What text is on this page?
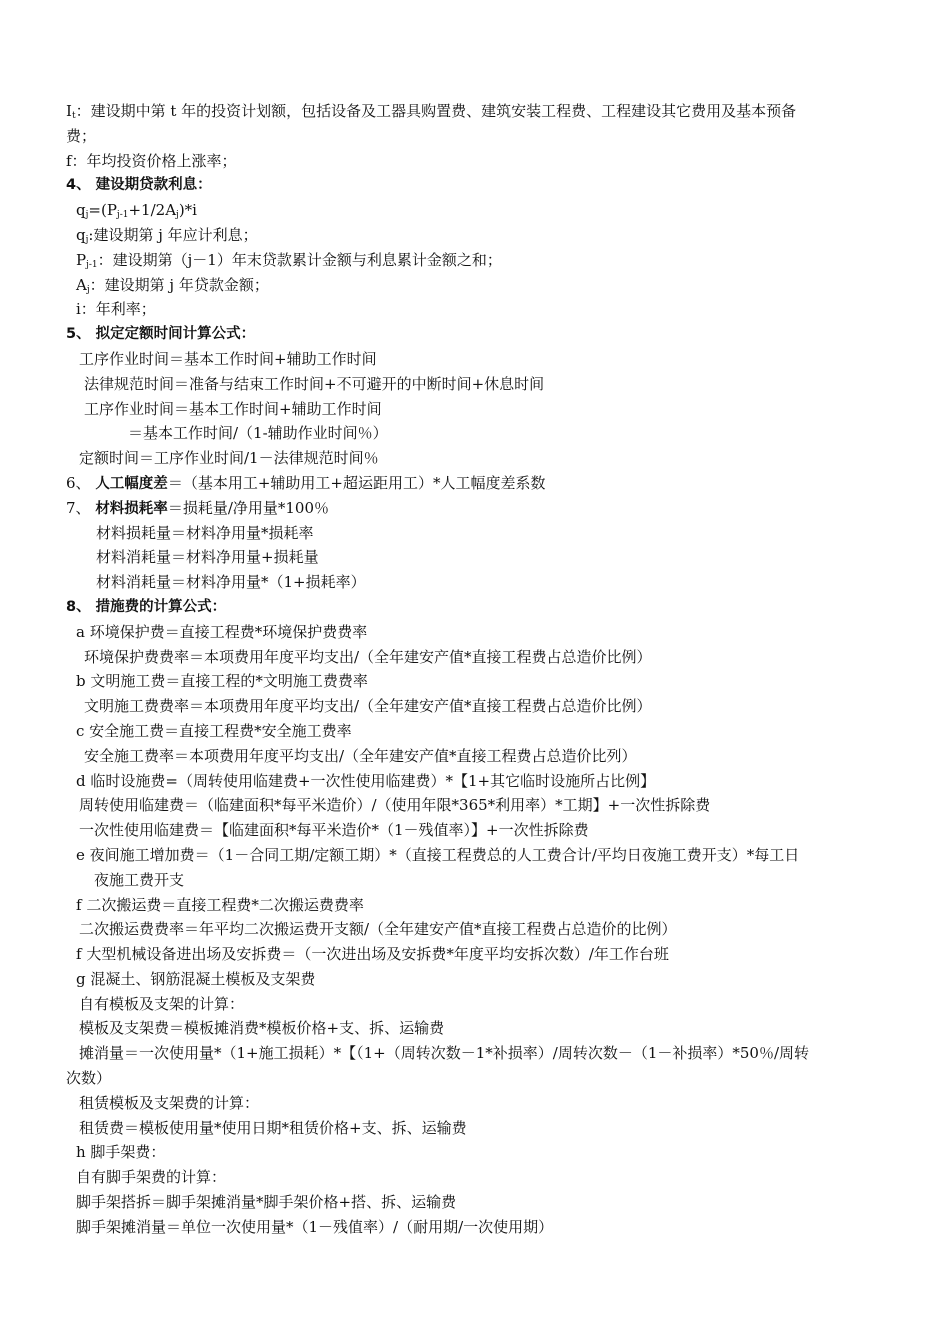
$I_t$：建设期中第 t 年的投资计划额，包括设备及工器具购置费、建筑安装工程费、工程建设其它费用及基本预备
费；
f：年均投资价格上涨率；
4、 建设期贷款利息：
$q_j=(P_{j-1}+1/2A_j)*i$
$q_j$:建设期第 j 年应计利息；
$P_{j-1}$：建设期第（j－1）年末贷款累计金额与利息累计金额之和；
$A_j$：建设期第 j 年贷款金额；
i：年利率；
5、 拟定定额时间计算公式：
工序作业时间＝基本工作时间+辅助工作时间
法律规范时间＝准备与结束工作时间+不可避开的中断时间+休息时间
工序作业时间＝基本工作时间+辅助工作时间
＝基本工作时间/（1-辅助作业时间％）
定额时间＝工序作业时间/1－法律规范时间％
6、 人工幅度差＝（基本用工+辅助用工+超运距用工）*人工幅度差系数
7、 材料损耗率＝损耗量/净用量*100％
材料损耗量＝材料净用量*损耗率
材料消耗量＝材料净用量+损耗量
材料消耗量＝材料净用量*（1+损耗率）
8、 措施费的计算公式：
a 环境保护费＝直接工程费*环境保护费费率
环境保护费费率＝本项费用年度平均支出/（全年建安产值*直接工程费占总造价比例）
b 文明施工费＝直接工程的*文明施工费费率
文明施工费费率＝本项费用年度平均支出/（全年建安产值*直接工程费占总造价比例）
c 安全施工费＝直接工程费*安全施工费率
安全施工费率＝本项费用年度平均支出/（全年建安产值*直接工程费占总造价比列）
d 临时设施费=（周转使用临建费+一次性使用临建费）*【1+其它临时设施所占比例】
周转使用临建费＝（临建面积*每平米造价）/（使用年限*365*利用率）*工期】+一次性拆除费
一次性使用临建费＝【临建面积*每平米造价*（1－残值率）】+一次性拆除费
e 夜间施工增加费＝（1－合同工期/定额工期）*（直接工程费总的人工费合计/平均日夜施工费开支）*每工日
夜施工费开支
f 二次搬运费＝直接工程费*二次搬运费费率
二次搬运费费率＝年平均二次搬运费开支额/（全年建安产值*直接工程费占总造价的比例）
f 大型机械设备进出场及安拆费＝（一次进出场及安拆费*年度平均安拆次数）/年工作台班
g 混凝土、钢筋混凝土模板及支架费
自有模板及支架的计算：
模板及支架费＝模板摊消费*模板价格+支、拆、运输费
摊消量＝一次使用量*（1+施工损耗）*【（1+（周转次数－1*补损率）/周转次数－（1－补损率）*50％/周转
次数）
租赁模板及支架费的计算：
租赁费＝模板使用量*使用日期*租赁价格+支、拆、运输费
h 脚手架费：
自有脚手架费的计算：
脚手架搭拆＝脚手架摊消量*脚手架价格+搭、拆、运输费
脚手架摊消量＝单位一次使用量*（1－残值率）/（耐用期/一次使用期）
